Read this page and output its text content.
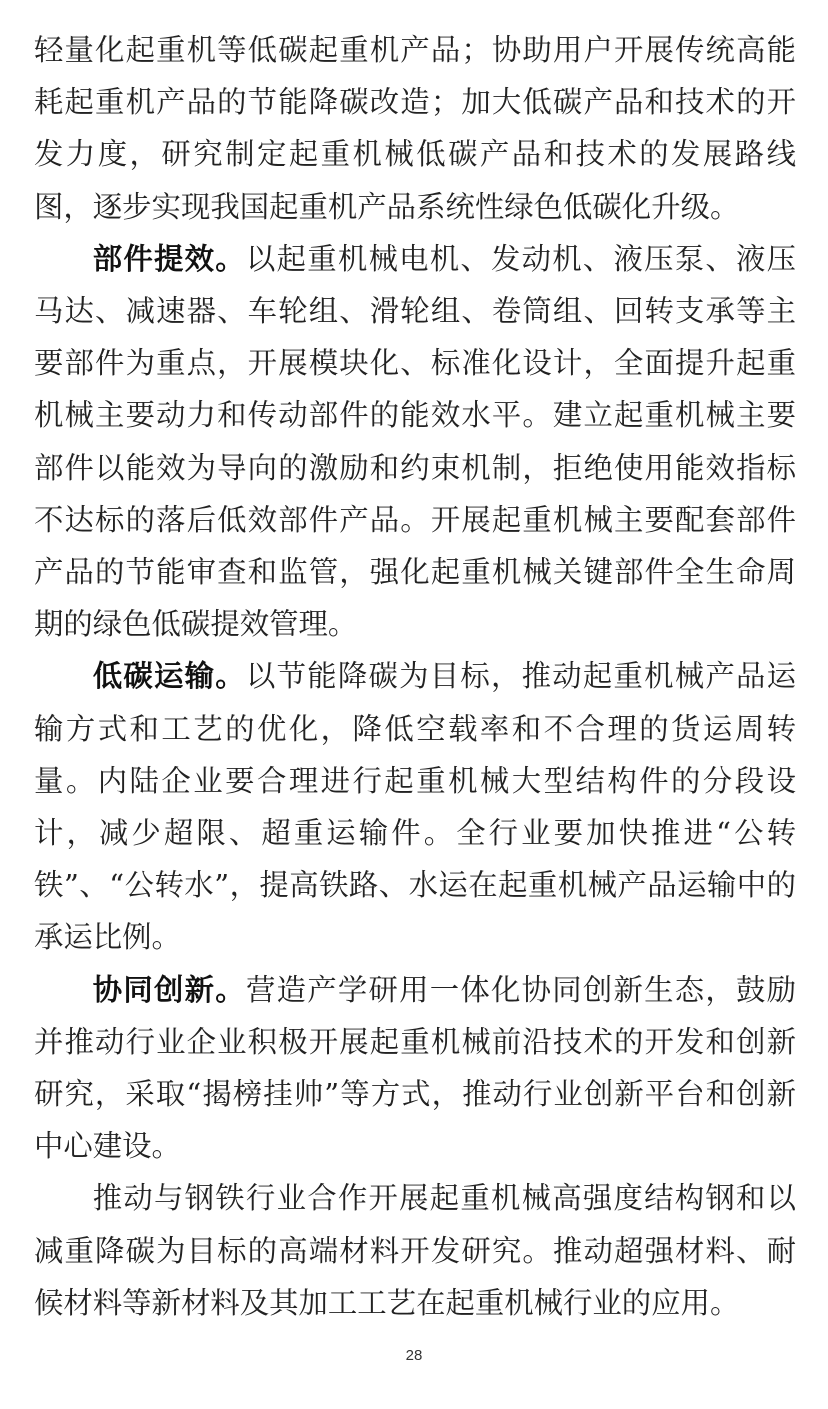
轻量化起重机等低碳起重机产品；协助用户开展传统高能耗起重机产品的节能降碳改造；加大低碳产品和技术的开发力度，研究制定起重机械低碳产品和技术的发展路线图，逐步实现我国起重机产品系统性绿色低碳化升级。

部件提效。以起重机械电机、发动机、液压泵、液压马达、减速器、车轮组、滑轮组、卷筒组、回转支承等主要部件为重点，开展模块化、标准化设计，全面提升起重机械主要动力和传动部件的能效水平。建立起重机械主要部件以能效为导向的激励和约束机制，拒绝使用能效指标不达标的落后低效部件产品。开展起重机械主要配套部件产品的节能审查和监管，强化起重机械关键部件全生命周期的绿色低碳提效管理。

低碳运输。以节能降碳为目标，推动起重机械产品运输方式和工艺的优化，降低空载率和不合理的货运周转量。内陆企业要合理进行起重机械大型结构件的分段设计，减少超限、超重运输件。全行业要加快推进“公转铁”、“公转水”，提高铁路、水运在起重机械产品运输中的承运比例。

协同创新。营造产学研用一体化协同创新生态，鼓励并推动行业企业积极开展起重机械前沿技术的开发和创新研究，采取“揭榜挂帅”等方式，推动行业创新平台和创新中心建设。

推动与钢铁行业合作开展起重机械高强度结构钢和以减重降碳为目标的高端材料开发研究。推动超强材料、耐候材料等新材料及其加工工艺在起重机械行业的应用。

28
